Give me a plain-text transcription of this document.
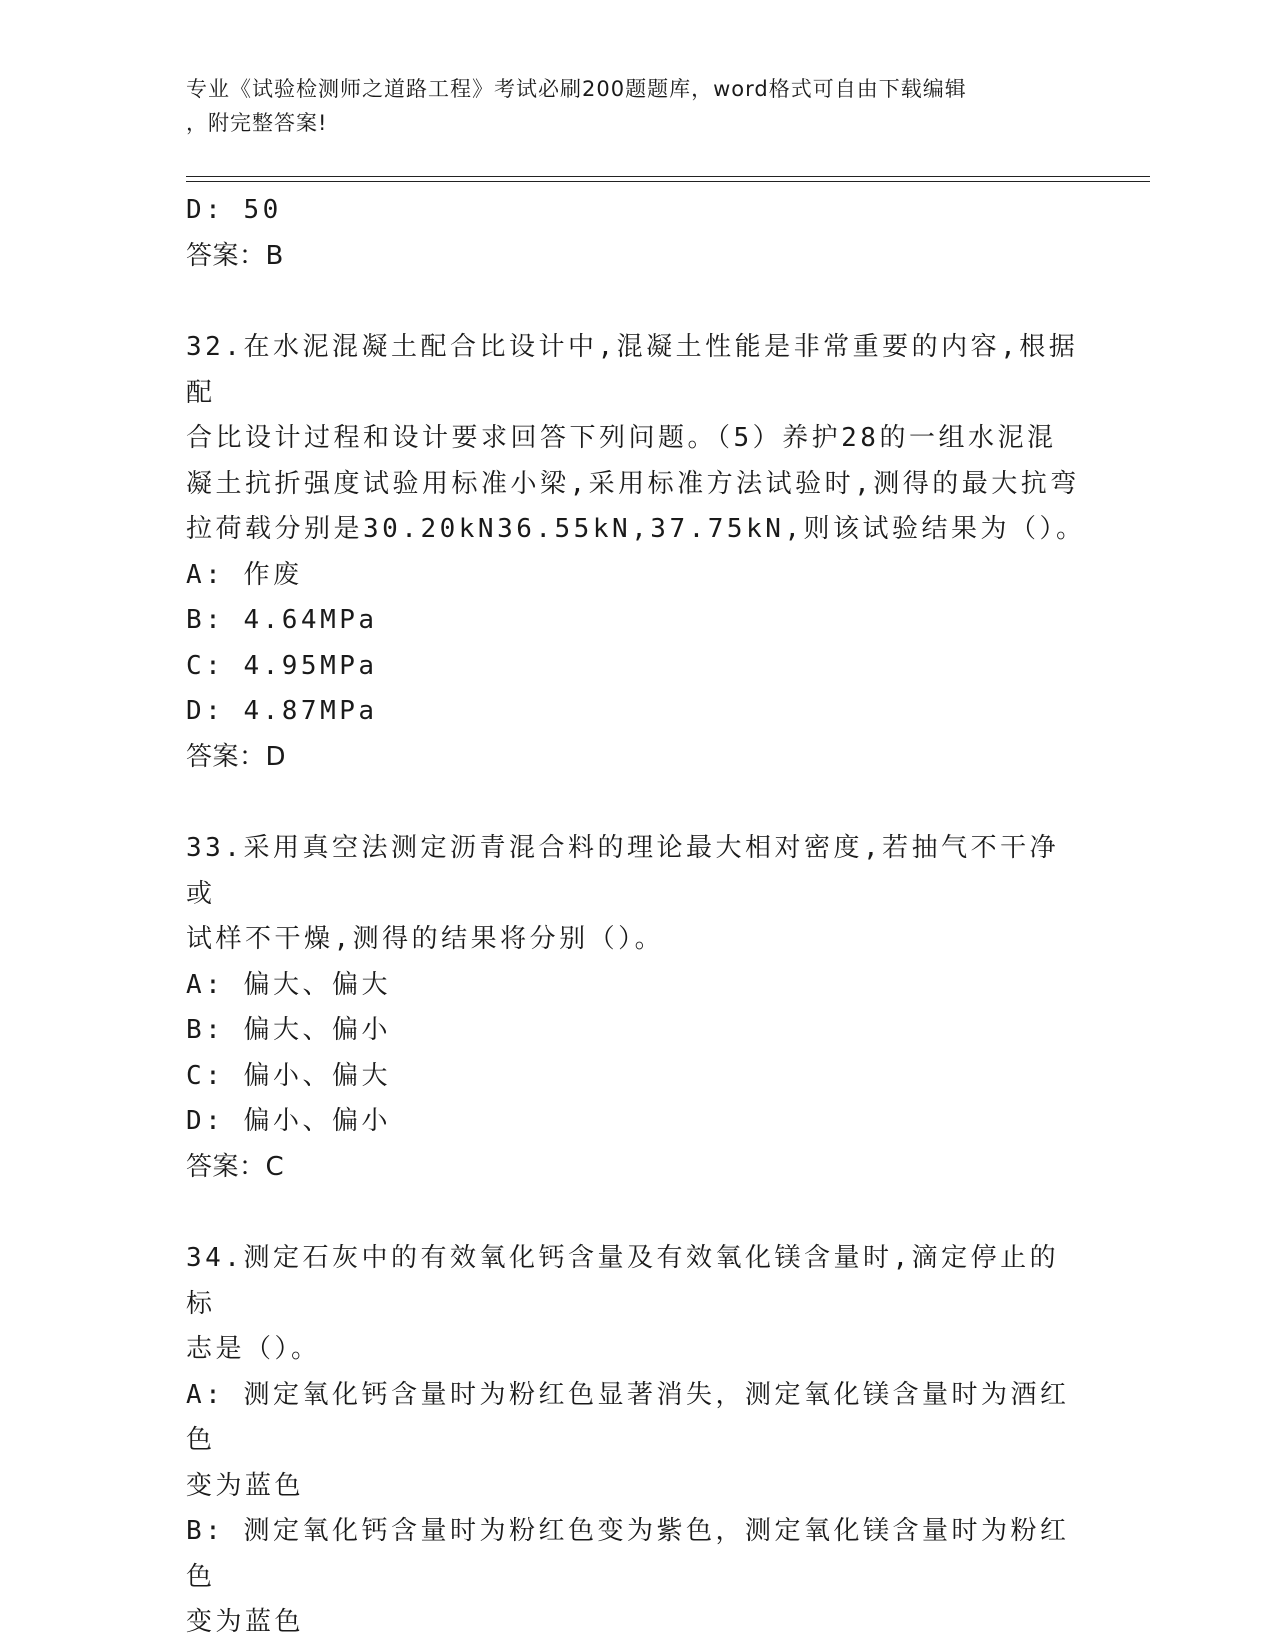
专业《试验检测师之道路工程》考试必刷200题题库，word格式可自由下载编辑
，附完整答案!
D: 50
答案：B
32.在水泥混凝土配合比设计中,混凝土性能是非常重要的内容,根据配
合比设计过程和设计要求回答下列问题。（5）养护28的一组水泥混
凝土抗折强度试验用标准小梁,采用标准方法试验时,测得的最大抗弯
拉荷载分别是30.20kN36.55kN,37.75kN,则该试验结果为（）。
A: 作废
B: 4.64MPa
C: 4.95MPa
D: 4.87MPa
答案：D
33.采用真空法测定沥青混合料的理论最大相对密度,若抽气不干净或
试样不干燥,测得的结果将分别（）。
A: 偏大、偏大
B: 偏大、偏小
C: 偏小、偏大
D: 偏小、偏小
答案：C
34.测定石灰中的有效氧化钙含量及有效氧化镁含量时,滴定停止的标
志是（）。
A: 测定氧化钙含量时为粉红色显著消失，测定氧化镁含量时为酒红色
变为蓝色
B: 测定氧化钙含量时为粉红色变为紫色，测定氧化镁含量时为粉红色
变为蓝色
